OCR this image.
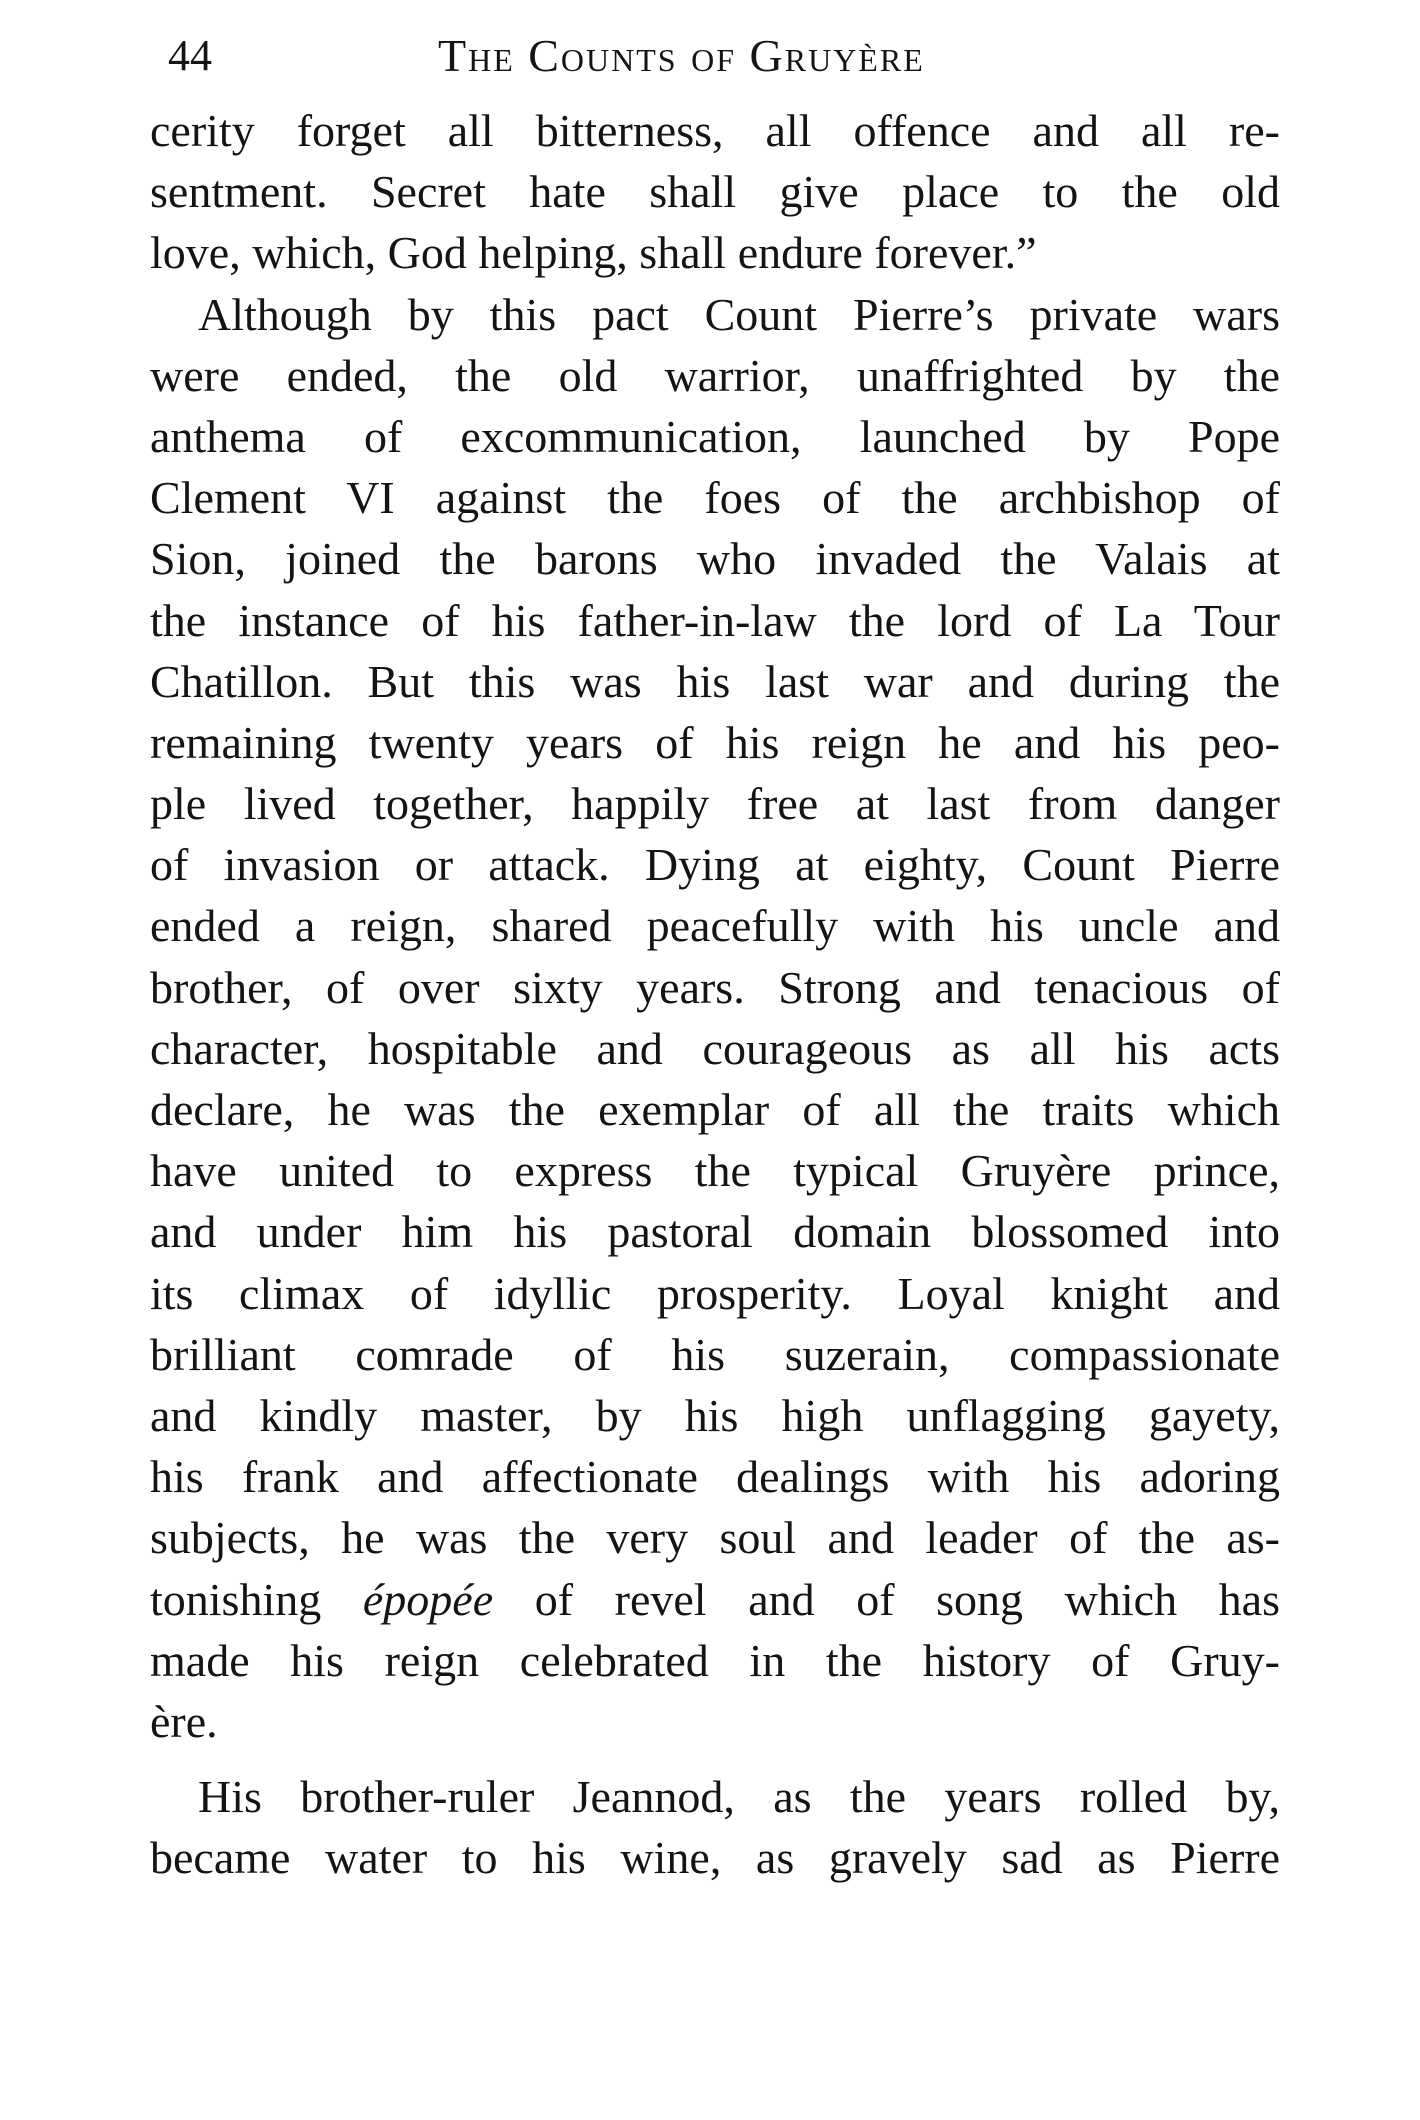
44	The Counts of Gruyère
cerity forget all bitterness, all offence and all re-
sentment. Secret hate shall give place to the old
love, which, God helping, shall endure forever.”
Although by this pact Count Pierre’s private wars
were ended, the old warrior, unaffrighted by the
anthema of excommunication, launched by Pope
Clement VI against the foes of the archbishop of
Sion, joined the barons who invaded the Valais at
the instance of his father-in-law the lord of La Tour
Chatillon. But this was his last war and during the
remaining twenty years of his reign he and his peo-
ple lived together, happily free at last from danger
of invasion or attack. Dying at eighty, Count Pierre
ended a reign, shared peacefully with his uncle and
brother, of over sixty years. Strong and tenacious of
character, hospitable and courageous as all his acts
declare, he was the exemplar of all the traits which
have united to express the typical Gruyère prince,
and under him his pastoral domain blossomed into
its climax of idyllic prosperity. Loyal knight and
brilliant comrade of his suzerain, compassionate
and kindly master, by his high unflagging gayety,
his frank and affectionate dealings with his adoring
subjects, he was the very soul and leader of the as-
tonishing épopée of revel and of song which has
made his reign celebrated in the history of Gruy-
ère.
His brother-ruler Jeannod, as the years rolled by,
became water to his wine, as gravely sad as Pierre
